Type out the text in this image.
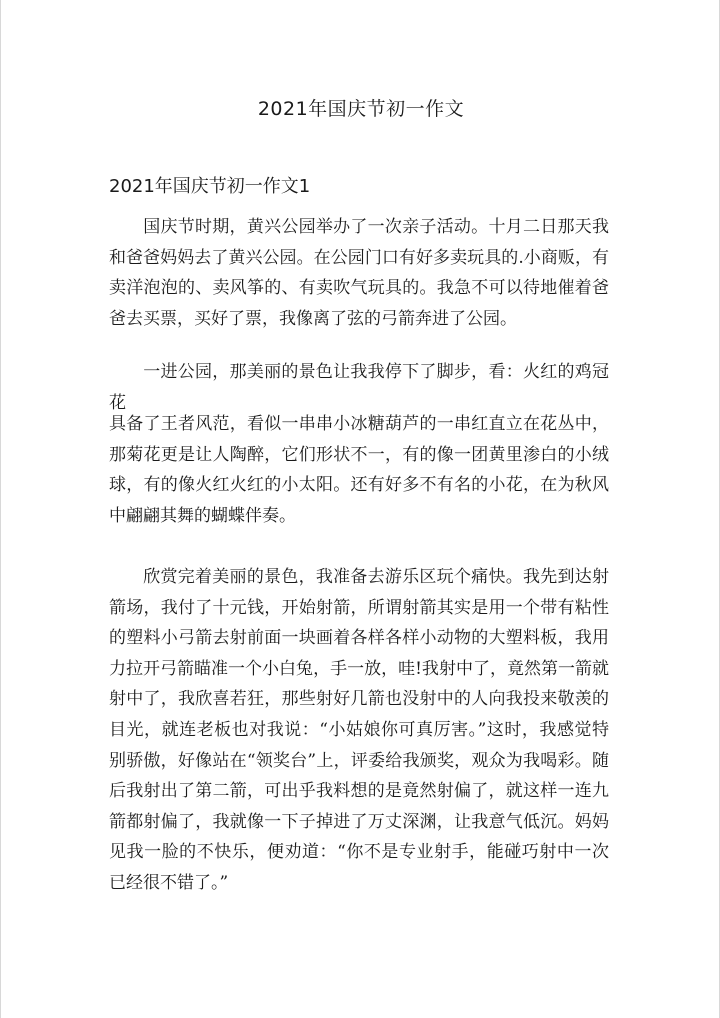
2021年国庆节初一作文
2021年国庆节初一作文1

国庆节时期，黄兴公园举办了一次亲子活动。十月二日那天我和爸爸妈妈去了黄兴公园。在公园门口有好多卖玩具的.小商贩，有卖洋泡泡的、卖风筝的、有卖吹气玩具的。我急不可以待地催着爸爸去买票，买好了票，我像离了弦的弓箭奔进了公园。

一进公园，那美丽的景色让我我停下了脚步，看：火红的鸡冠花

具备了王者风范，看似一串串小冰糖葫芦的一串红直立在花丛中，那菊花更是让人陶醉，它们形状不一，有的像一团黄里渗白的小绒球，有的像火红火红的小太阳。还有好多不有名的小花，在为秋风中翩翩其舞的蝴蝶伴奏。

欣赏完着美丽的景色，我准备去游乐区玩个痛快。我先到达射箭场，我付了十元钱，开始射箭，所谓射箭其实是用一个带有粘性的塑料小弓箭去射前面一块画着各样各样小动物的大塑料板，我用力拉开弓箭瞄准一个小白兔，手一放，哇!我射中了，竟然第一箭就射中了，我欣喜若狂，那些射好几箭也没射中的人向我投来敬羡的目光，就连老板也对我说：“小姑娘你可真厉害。”这时，我感觉特别骄傲，好像站在“领奖台”上，评委给我颁奖，观众为我喝彩。随后我射出了第二箭，可出乎我料想的是竟然射偏了，就这样一连九箭都射偏了，我就像一下子掉进了万丈深渊，让我意气低沉。妈妈见我一脸的不快乐，便劝道：“你不是专业射手，能碰巧射中一次已经很不错了。”
